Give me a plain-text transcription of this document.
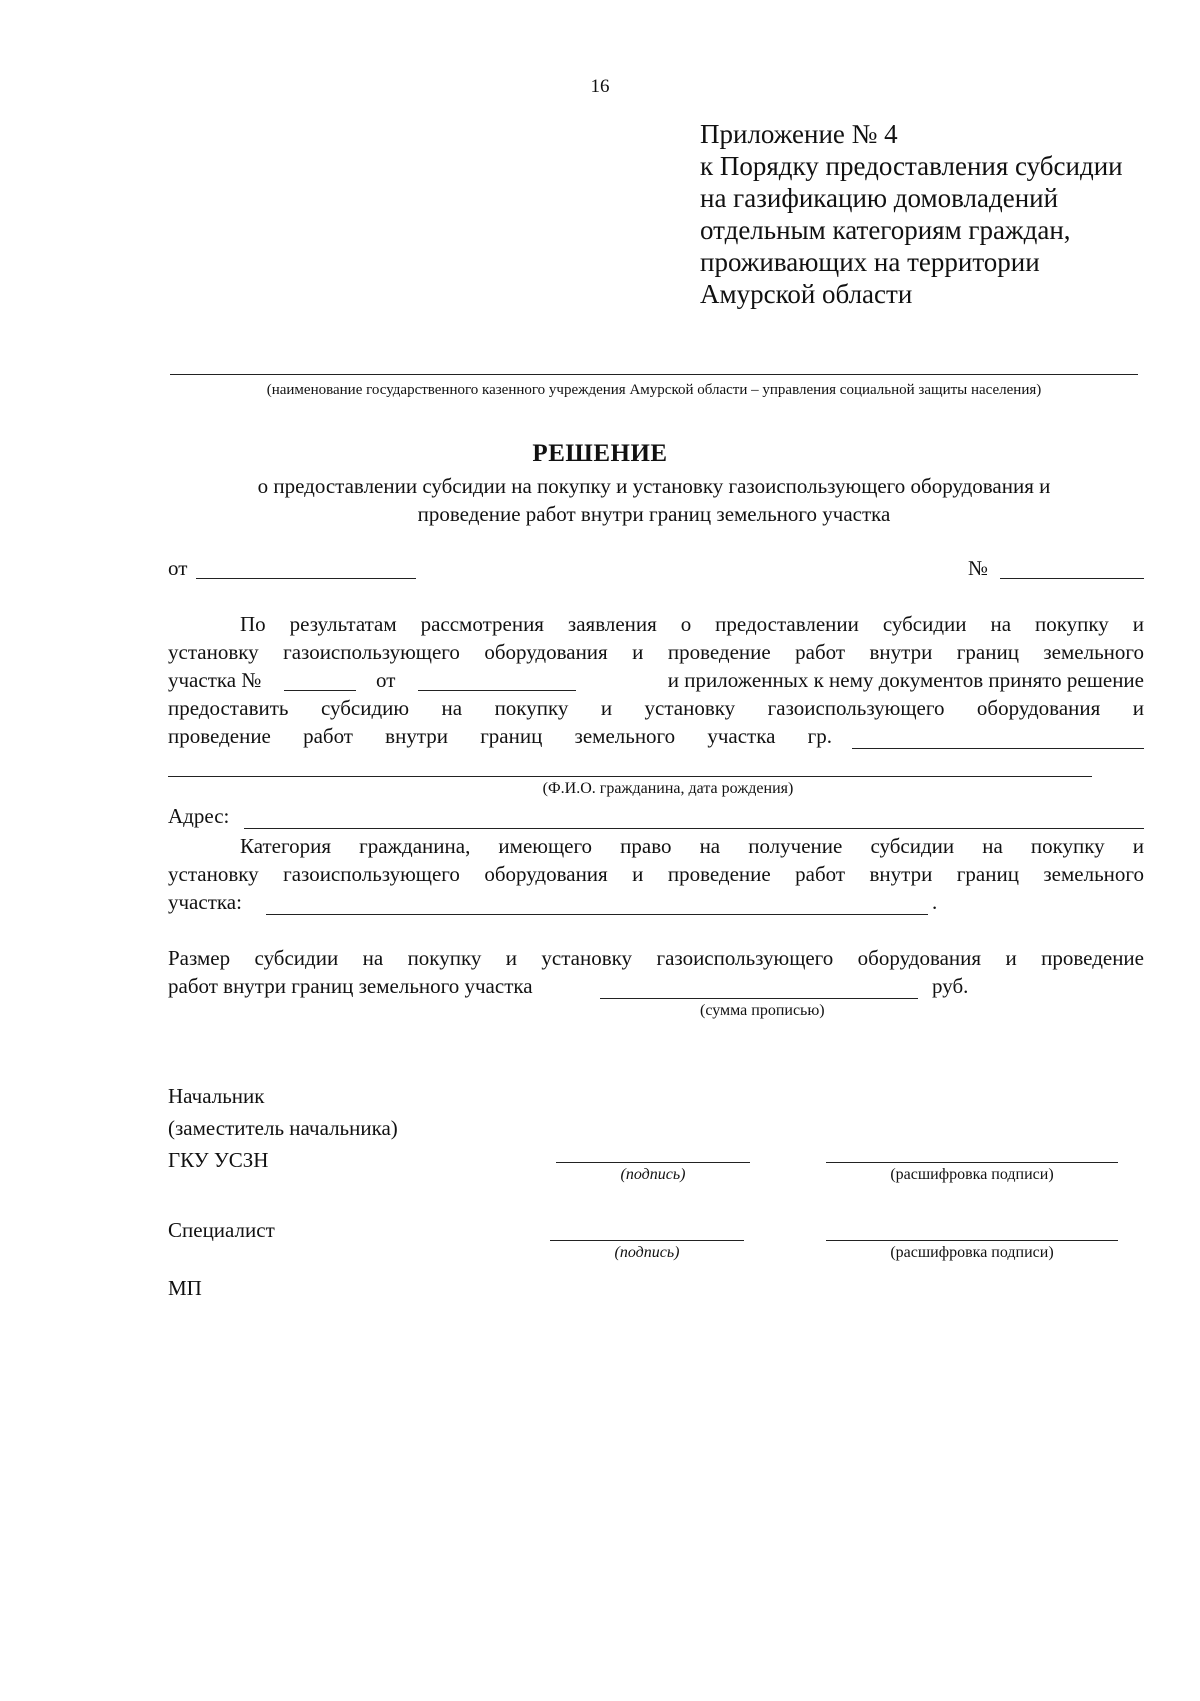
16
Приложение № 4
к Порядку предоставления субсидии
на газификацию домовладений
отдельным категориям граждан,
проживающих на территории
Амурской области
(наименование государственного казенного учреждения Амурской области – управления социальной защиты населения)
РЕШЕНИЕ
о предоставлении субсидии на покупку и установку газоиспользующего оборудования и
проведение работ внутри границ земельного участка
от	№
По результатам рассмотрения заявления о предоставлении субсидии на покупку и
установку газоиспользующего оборудования и проведение работ внутри границ земельного
участка №	от	и приложенных к нему документов принято решение
предоставить субсидию на покупку и установку газоиспользующего оборудования и
проведение работ внутри границ земельного участка гр.
(Ф.И.О. гражданина, дата рождения)
Адрес:
Категория гражданина, имеющего право на получение субсидии на покупку и
установку газоиспользующего оборудования и проведение работ внутри границ земельного
участка:	.
Размер субсидии на покупку и установку газоиспользующего оборудования и проведение
работ внутри границ земельного участка	руб.
(сумма прописью)
Начальник
(заместитель начальника)
ГКУ УСЗН
(подпись)	(расшифровка подписи)
Специалист
(подпись)	(расшифровка подписи)
МП
